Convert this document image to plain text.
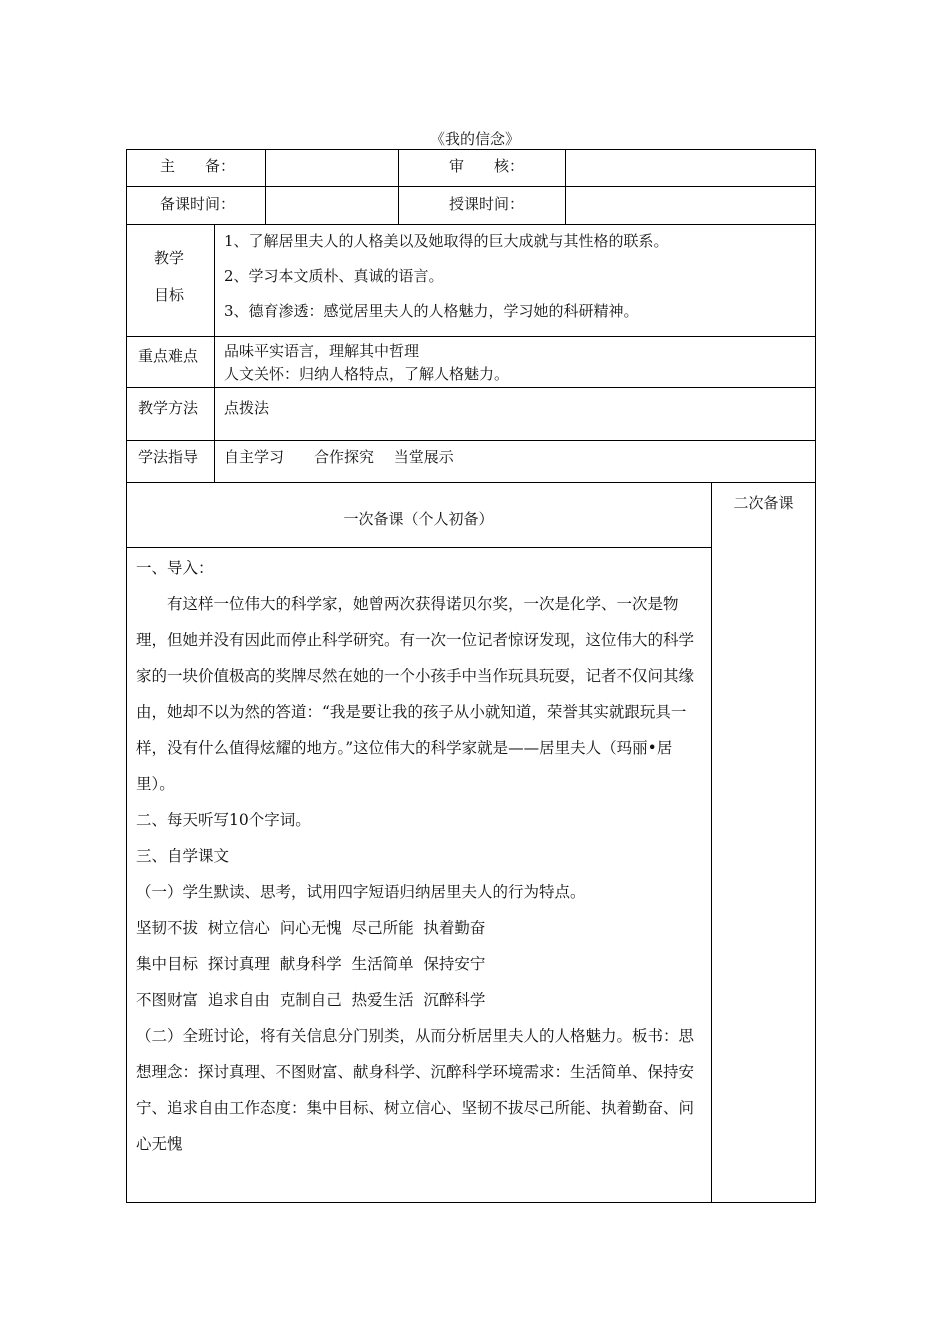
《我的信念》
主　　备：	审　　核：
备课时间：	授课时间：
教学
目标
1、了解居里夫人的人格美以及她取得的巨大成就与其性格的联系。
2、学习本文质朴、真诚的语言。
3、德育渗透：感觉居里夫人的人格魅力，学习她的科研精神。
重点难点 品味平实语言，理解其中哲理
人文关怀：归纳人格特点，了解人格魅力。
教学方法 点拨法
学法指导 自主学习　　合作探究　 当堂展示
一次备课（个人初备）
二次备课

一、导入：

有这样一位伟大的科学家，她曾两次获得诺贝尔奖，一次是化学、一次是物理，但她并没有因此而停止科学研究。有一次一位记者惊讶发现，这位伟大的科学家的一块价值极高的奖牌尽然在她的一个小孩手中当作玩具玩耍，记者不仅问其缘由，她却不以为然的答道：“我是要让我的孩子从小就知道，荣誉其实就跟玩具一样，没有什么值得炫耀的地方。”这位伟大的科学家就是——居里夫人（玛丽•居里）。

二、每天听写10个字词。

三、自学课文

（一）学生默读、思考，试用四字短语归纳居里夫人的行为特点。

坚韧不拔  树立信心  问心无愧  尽己所能  执着勤奋

集中目标  探讨真理  献身科学  生活简单  保持安宁

不图财富  追求自由  克制自己  热爱生活  沉醉科学

（二）全班讨论，将有关信息分门别类，从而分析居里夫人的人格魅力。板书：思想理念：探讨真理、不图财富、献身科学、沉醉科学环境需求：生活简单、保持安宁、追求自由工作态度：集中目标、树立信心、坚韧不拔尽己所能、执着勤奋、问心无愧
